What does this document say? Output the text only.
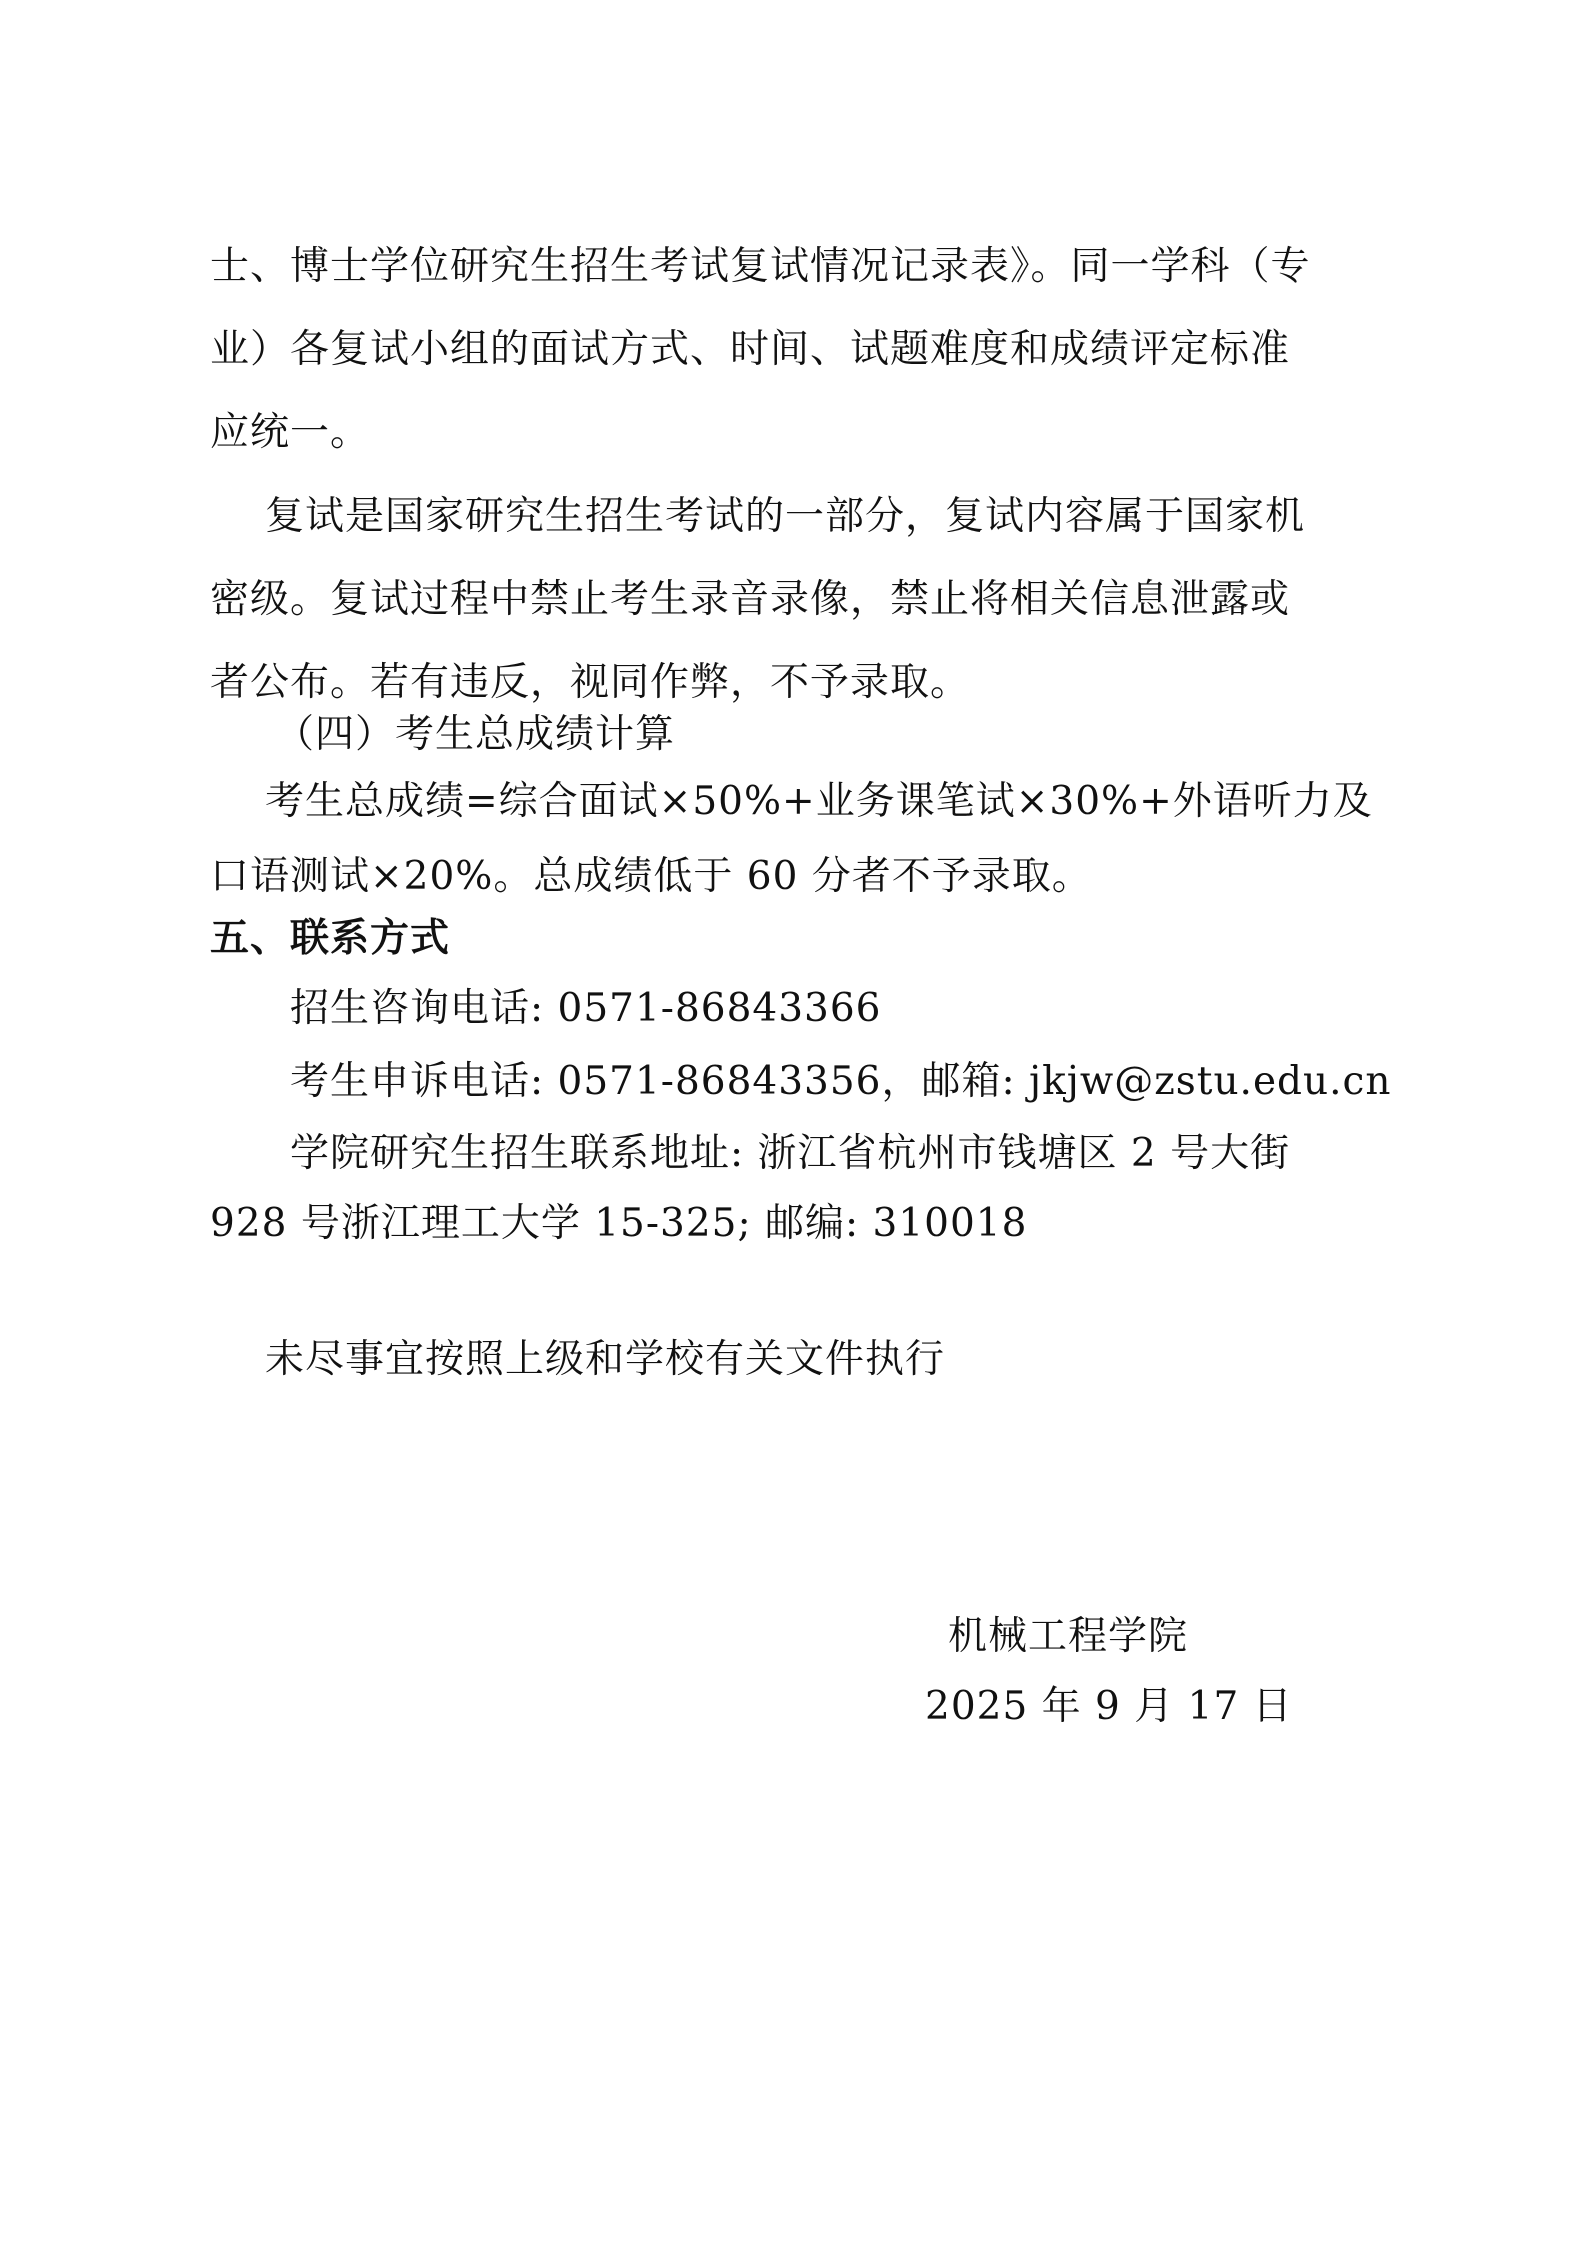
士、博士学位研究生招生考试复试情况记录表》。同一学科（专
业）各复试小组的面试方式、时间、试题难度和成绩评定标准
应统一。
复试是国家研究生招生考试的一部分，复试内容属于国家机
密级。复试过程中禁止考生录音录像，禁止将相关信息泄露或
者公布。若有违反，视同作弊，不予录取。
（四）考生总成绩计算
考生总成绩=综合面试×50%+业务课笔试×30%+外语听力及
口语测试×20%。总成绩低于 60 分者不予录取。
五、联系方式
招生咨询电话: 0571-86843366
考生申诉电话: 0571-86843356，邮箱: jkjw@zstu.edu.cn
学院研究生招生联系地址: 浙江省杭州市钱塘区 2 号大街
928 号浙江理工大学 15-325; 邮编: 310018
未尽事宜按照上级和学校有关文件执行
机械工程学院
2025 年 9 月 17 日
